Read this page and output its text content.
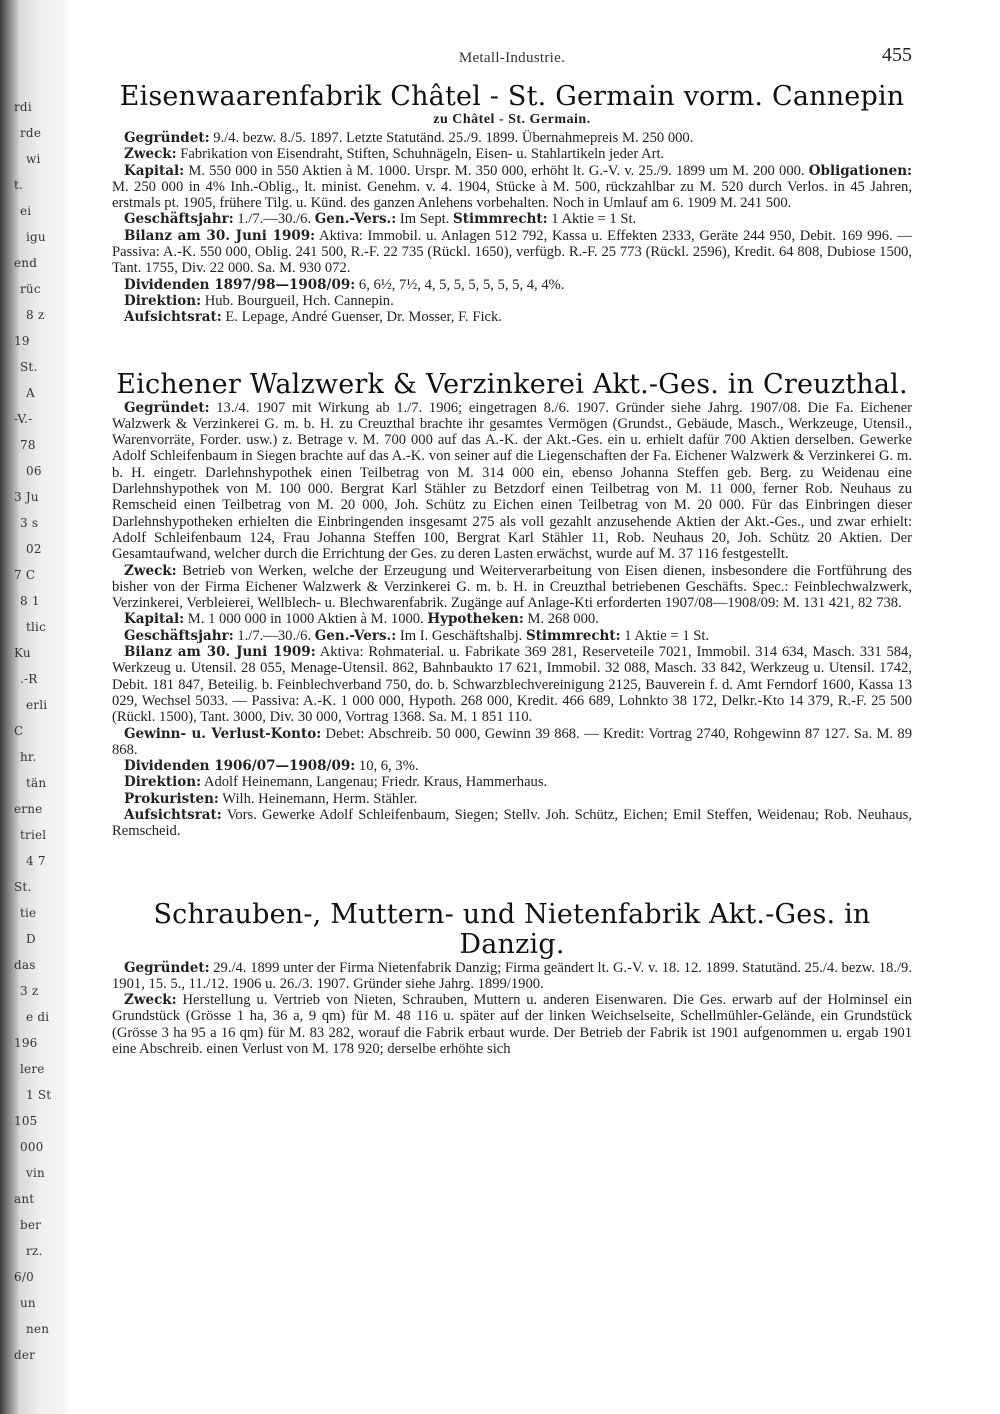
rdi
rde
wi
t.
ei
igu
end
rüc
8 z
19
St.
A
-V.-
78
06
3 Ju
3 s
02
7 C
8 1
tlic
Ku
.-R
erli
C
hr.
tän
erne
triel
4 7
St.
tie
D
das
3 z
e di
196
lere
1 St
105
000
vin
ant
ber
rz.
6/0
un
nen
der
Metall-Industrie.	455
Eisenwaarenfabrik Châtel - St. Germain vorm. Cannepin
zu Châtel - St. Germain.

Gegründet: 9./4. bezw. 8./5. 1897. Letzte Statutänd. 25./9. 1899. Übernahmepreis M. 250 000.

Zweck: Fabrikation von Eisendraht, Stiften, Schuhnägeln, Eisen- u. Stahlartikeln jeder Art.

Kapital: M. 550 000 in 550 Aktien à M. 1000. Urspr. M. 350 000, erhöht lt. G.-V. v. 25./9. 1899 um M. 200 000. Obligationen: M. 250 000 in 4% Inh.-Oblig., lt. minist. Genehm. v. 4. 1904, Stücke à M. 500, rückzahlbar zu M. 520 durch Verlos. in 45 Jahren, erstmals pt. 1905, frühere Tilg. u. Künd. des ganzen Anlehens vorbehalten. Noch in Umlauf am 6. 1909 M. 241 500.

Geschäftsjahr: 1./7.—30./6. Gen.-Vers.: Im Sept. Stimmrecht: 1 Aktie = 1 St.

Bilanz am 30. Juni 1909: Aktiva: Immobil. u. Anlagen 512 792, Kassa u. Effekten 2333, Geräte 244 950, Debit. 169 996. — Passiva: A.-K. 550 000, Oblig. 241 500, R.-F. 22 735 (Rückl. 1650), verfügb. R.-F. 25 773 (Rückl. 2596), Kredit. 64 808, Dubiose 1500, Tant. 1755, Div. 22 000. Sa. M. 930 072.

Dividenden 1897/98—1908/09: 6, 6½, 7½, 4, 5, 5, 5, 5, 5, 5, 4, 4%.

Direktion: Hub. Bourgueil, Hch. Cannepin.

Aufsichtsrat: E. Lepage, André Guenser, Dr. Mosser, F. Fick.

Eichener Walzwerk & Verzinkerei Akt.-Ges. in Creuzthal.

Gegründet: 13./4. 1907 mit Wirkung ab 1./7. 1906; eingetragen 8./6. 1907. Gründer siehe Jahrg. 1907/08. Die Fa. Eichener Walzwerk & Verzinkerei G. m. b. H. zu Creuzthal brachte ihr gesamtes Vermögen (Grundst., Gebäude, Masch., Werkzeuge, Utensil., Warenvorräte, Forder. usw.) z. Betrage v. M. 700 000 auf das A.-K. der Akt.-Ges. ein u. erhielt dafür 700 Aktien derselben. Gewerke Adolf Schleifenbaum in Siegen brachte auf das A.-K. von seiner auf die Liegenschaften der Fa. Eichener Walzwerk & Verzinkerei G. m. b. H. eingetr. Darlehnshypothek einen Teilbetrag von M. 314 000 ein, ebenso Johanna Steffen geb. Berg. zu Weidenau eine Darlehnshypothek von M. 100 000. Bergrat Karl Stähler zu Betzdorf einen Teilbetrag von M. 11 000, ferner Rob. Neuhaus zu Remscheid einen Teilbetrag von M. 20 000, Joh. Schütz zu Eichen einen Teilbetrag von M. 20 000. Für das Einbringen dieser Darlehnshypotheken erhielten die Einbringenden insgesamt 275 als voll gezahlt anzusehende Aktien der Akt.-Ges., und zwar erhielt: Adolf Schleifenbaum 124, Frau Johanna Steffen 100, Bergrat Karl Stähler 11, Rob. Neuhaus 20, Joh. Schütz 20 Aktien. Der Gesamtaufwand, welcher durch die Errichtung der Ges. zu deren Lasten erwächst, wurde auf M. 37 116 festgestellt.

Zweck: Betrieb von Werken, welche der Erzeugung und Weiterverarbeitung von Eisen dienen, insbesondere die Fortführung des bisher von der Firma Eichener Walzwerk & Verzinkerei G. m. b. H. in Creuzthal betriebenen Geschäfts. Spec.: Feinblechwalzwerk, Verzinkerei, Verbleierei, Wellblech- u. Blechwarenfabrik. Zugänge auf Anlage-Kti erforderten 1907/08—1908/09: M. 131 421, 82 738.

Kapital: M. 1 000 000 in 1000 Aktien à M. 1000. Hypotheken: M. 268 000.

Geschäftsjahr: 1./7.—30./6. Gen.-Vers.: Im I. Geschäftshalbj. Stimmrecht: 1 Aktie = 1 St.

Bilanz am 30. Juni 1909: Aktiva: Rohmaterial. u. Fabrikate 369 281, Reserveteile 7021, Immobil. 314 634, Masch. 331 584, Werkzeug u. Utensil. 28 055, Menage-Utensil. 862, Bahnbaukto 17 621, Immobil. 32 088, Masch. 33 842, Werkzeug u. Utensil. 1742, Debit. 181 847, Beteilig. b. Feinblechverband 750, do. b. Schwarzblechvereinigung 2125, Bauverein f. d. Amt Ferndorf 1600, Kassa 13 029, Wechsel 5033. — Passiva: A.-K. 1 000 000, Hypoth. 268 000, Kredit. 466 689, Lohnkto 38 172, Delkr.-Kto 14 379, R.-F. 25 500 (Rückl. 1500), Tant. 3000, Div. 30 000, Vortrag 1368. Sa. M. 1 851 110.

Gewinn- u. Verlust-Konto: Debet: Abschreib. 50 000, Gewinn 39 868. — Kredit: Vortrag 2740, Rohgewinn 87 127. Sa. M. 89 868.

Dividenden 1906/07—1908/09: 10, 6, 3%.

Direktion: Adolf Heinemann, Langenau; Friedr. Kraus, Hammerhaus.

Prokuristen: Wilh. Heinemann, Herm. Stähler.

Aufsichtsrat: Vors. Gewerke Adolf Schleifenbaum, Siegen; Stellv. Joh. Schütz, Eichen; Emil Steffen, Weidenau; Rob. Neuhaus, Remscheid.

Schrauben-, Muttern- und Nietenfabrik Akt.-Ges. in Danzig.

Gegründet: 29./4. 1899 unter der Firma Nietenfabrik Danzig; Firma geändert lt. G.-V. v. 18. 12. 1899. Statutänd. 25./4. bezw. 18./9. 1901, 15. 5., 11./12. 1906 u. 26./3. 1907. Gründer siehe Jahrg. 1899/1900.

Zweck: Herstellung u. Vertrieb von Nieten, Schrauben, Muttern u. anderen Eisenwaren. Die Ges. erwarb auf der Holminsel ein Grundstück (Grösse 1 ha, 36 a, 9 qm) für M. 48 116 u. später auf der linken Weichselseite, Schellmühler-Gelände, ein Grundstück (Grösse 3 ha 95 a 16 qm) für M. 83 282, worauf die Fabrik erbaut wurde. Der Betrieb der Fabrik ist 1901 aufgenommen u. ergab 1901 eine Abschreib. einen Verlust von M. 178 920; derselbe erhöhte sich
